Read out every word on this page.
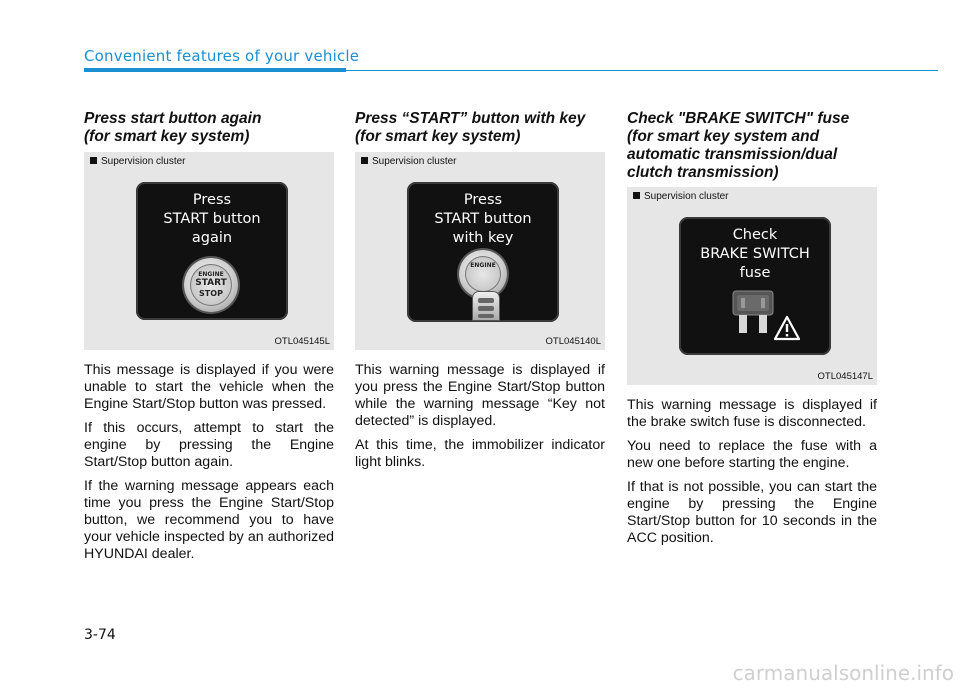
Convenient features of your vehicle
Press start button again
(for smart key system)
Supervision cluster
Press
START button
again
ENGINE
START
STOP
OTL045145L

This message is displayed if you were unable to start the vehicle when the Engine Start/Stop button was pressed.

If this occurs, attempt to start the engine by pressing the Engine Start/Stop button again.

If the warning message appears each time you press the Engine Start/Stop button, we recommend you to have your vehicle inspected by an authorized HYUNDAI dealer.

Press “START” button with key
(for smart key system)
Supervision cluster
Press
START button
with key
ENGINE
OTL045140L

This warning message is displayed if you press the Engine Start/Stop button while the warning message “Key not detected” is displayed.

At this time, the immobilizer indicator light blinks.

Check "BRAKE SWITCH" fuse
(for smart key system and automatic transmission/dual clutch transmission)
Supervision cluster
Check
BRAKE SWITCH
fuse
OTL045147L

This warning message is displayed if the brake switch fuse is disconnected.

You need to replace the fuse with a new one before starting the engine.

If that is not possible, you can start the engine by pressing the Engine Start/Stop button for 10 seconds in the ACC position.

3-74
carmanualsonline.info
